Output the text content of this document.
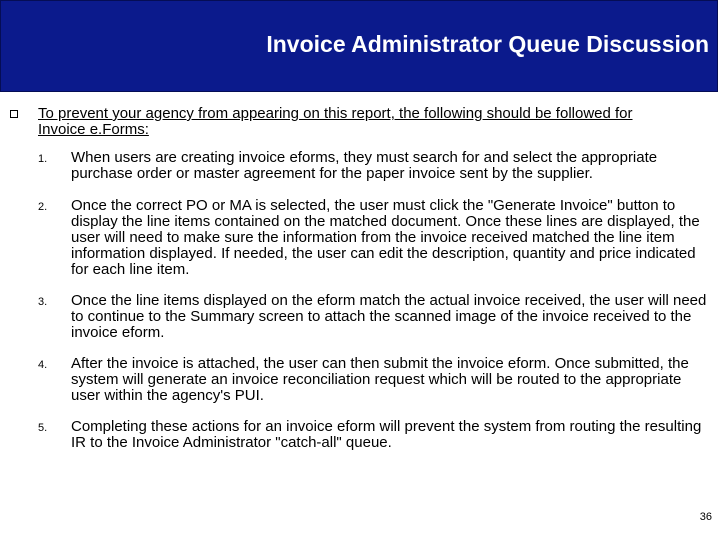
Invoice Administrator Queue Discussion
To prevent your agency from appearing on this report, the following should be followed for Invoice e.Forms:
1. When users are creating invoice eforms, they must search for and select the appropriate purchase order or master agreement for the paper invoice sent by the supplier.
2. Once the correct PO or MA is selected, the user must click the "Generate Invoice" button to display the line items contained on the matched document. Once these lines are displayed, the user will need to make sure the information from the invoice received matched the line item information displayed. If needed, the user can edit the description, quantity and price indicated for each line item.
3. Once the line items displayed on the eform match the actual invoice received, the user will need to continue to the Summary screen to attach the scanned image of the invoice received to the invoice eform.
4. After the invoice is attached, the user can then submit the invoice eform. Once submitted, the system will generate an invoice reconciliation request which will be routed to the appropriate user within the agency's PUI.
5. Completing these actions for an invoice eform will prevent the system from routing the resulting IR to the Invoice Administrator "catch-all" queue.
36
